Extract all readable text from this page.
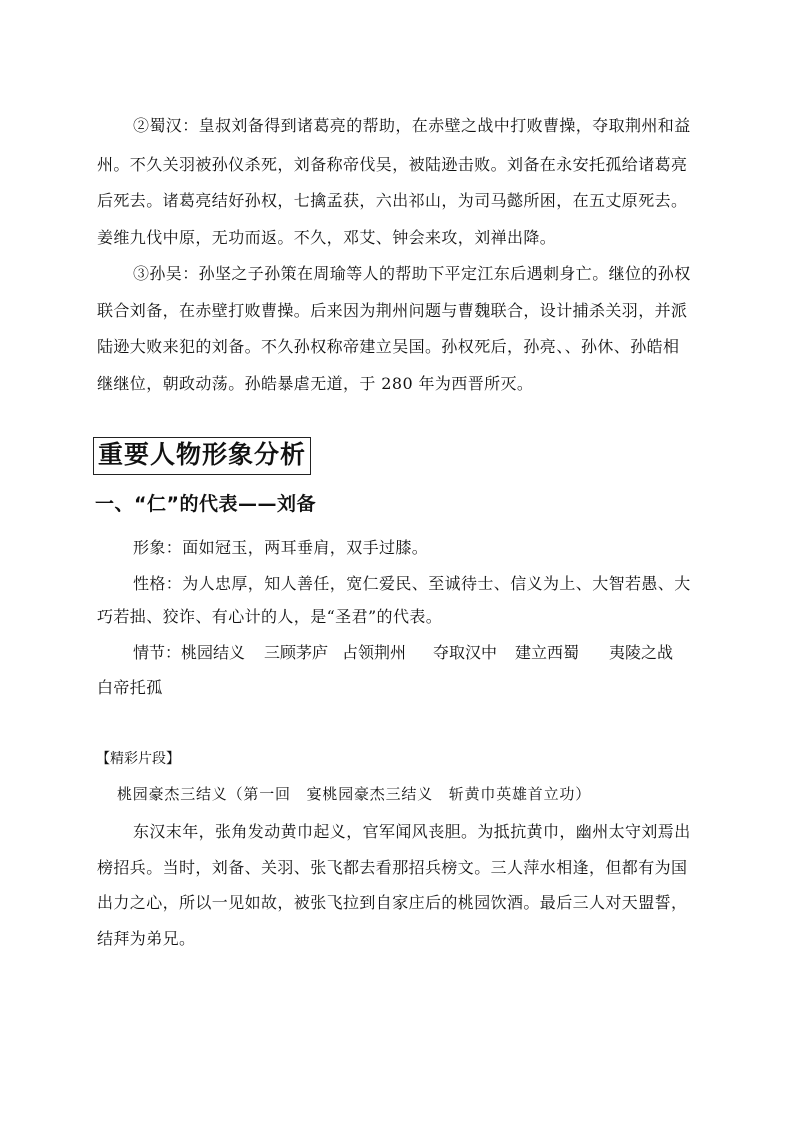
②蜀汉：皇叔刘备得到诸葛亮的帮助，在赤壁之战中打败曹操，夺取荆州和益
州。不久关羽被孙仪杀死，刘备称帝伐吴，被陆逊击败。刘备在永安托孤给诸葛亮
后死去。诸葛亮结好孙权，七擒孟获，六出祁山，为司马懿所困，在五丈原死去。
姜维九伐中原，无功而返。不久，邓艾、钟会来攻，刘禅出降。
③孙吴：孙坚之子孙策在周瑜等人的帮助下平定江东后遇刺身亡。继位的孙权
联合刘备，在赤壁打败曹操。后来因为荆州问题与曹魏联合，设计捕杀关羽，并派
陆逊大败来犯的刘备。不久孙权称帝建立吴国。孙权死后，孙亮、、孙休、孙皓相
继继位，朝政动荡。孙皓暴虐无道，于 280 年为西晋所灭。
重要人物形象分析
一、“仁”的代表——刘备
形象：面如冠玉，两耳垂肩，双手过膝。
性格：为人忠厚，知人善任，宽仁爱民、至诚待士、信义为上、大智若愚、大
巧若拙、狡诈、有心计的人，是“圣君”的代表。
情节： 桃园结义 三顾茅庐 占领荆州 夺取汉中 建立西蜀 夷陵之战
白帝托孤
【精彩片段】
桃园豪杰三结义（第一回　宴桃园豪杰三结义　斩黄巾英雄首立功）
东汉末年，张角发动黄巾起义，官军闻风丧胆。为抵抗黄巾，幽州太守刘焉出
榜招兵。当时，刘备、关羽、张飞都去看那招兵榜文。三人萍水相逢，但都有为国
出力之心，所以一见如故，被张飞拉到自家庄后的桃园饮酒。最后三人对天盟誓，
结拜为弟兄。
